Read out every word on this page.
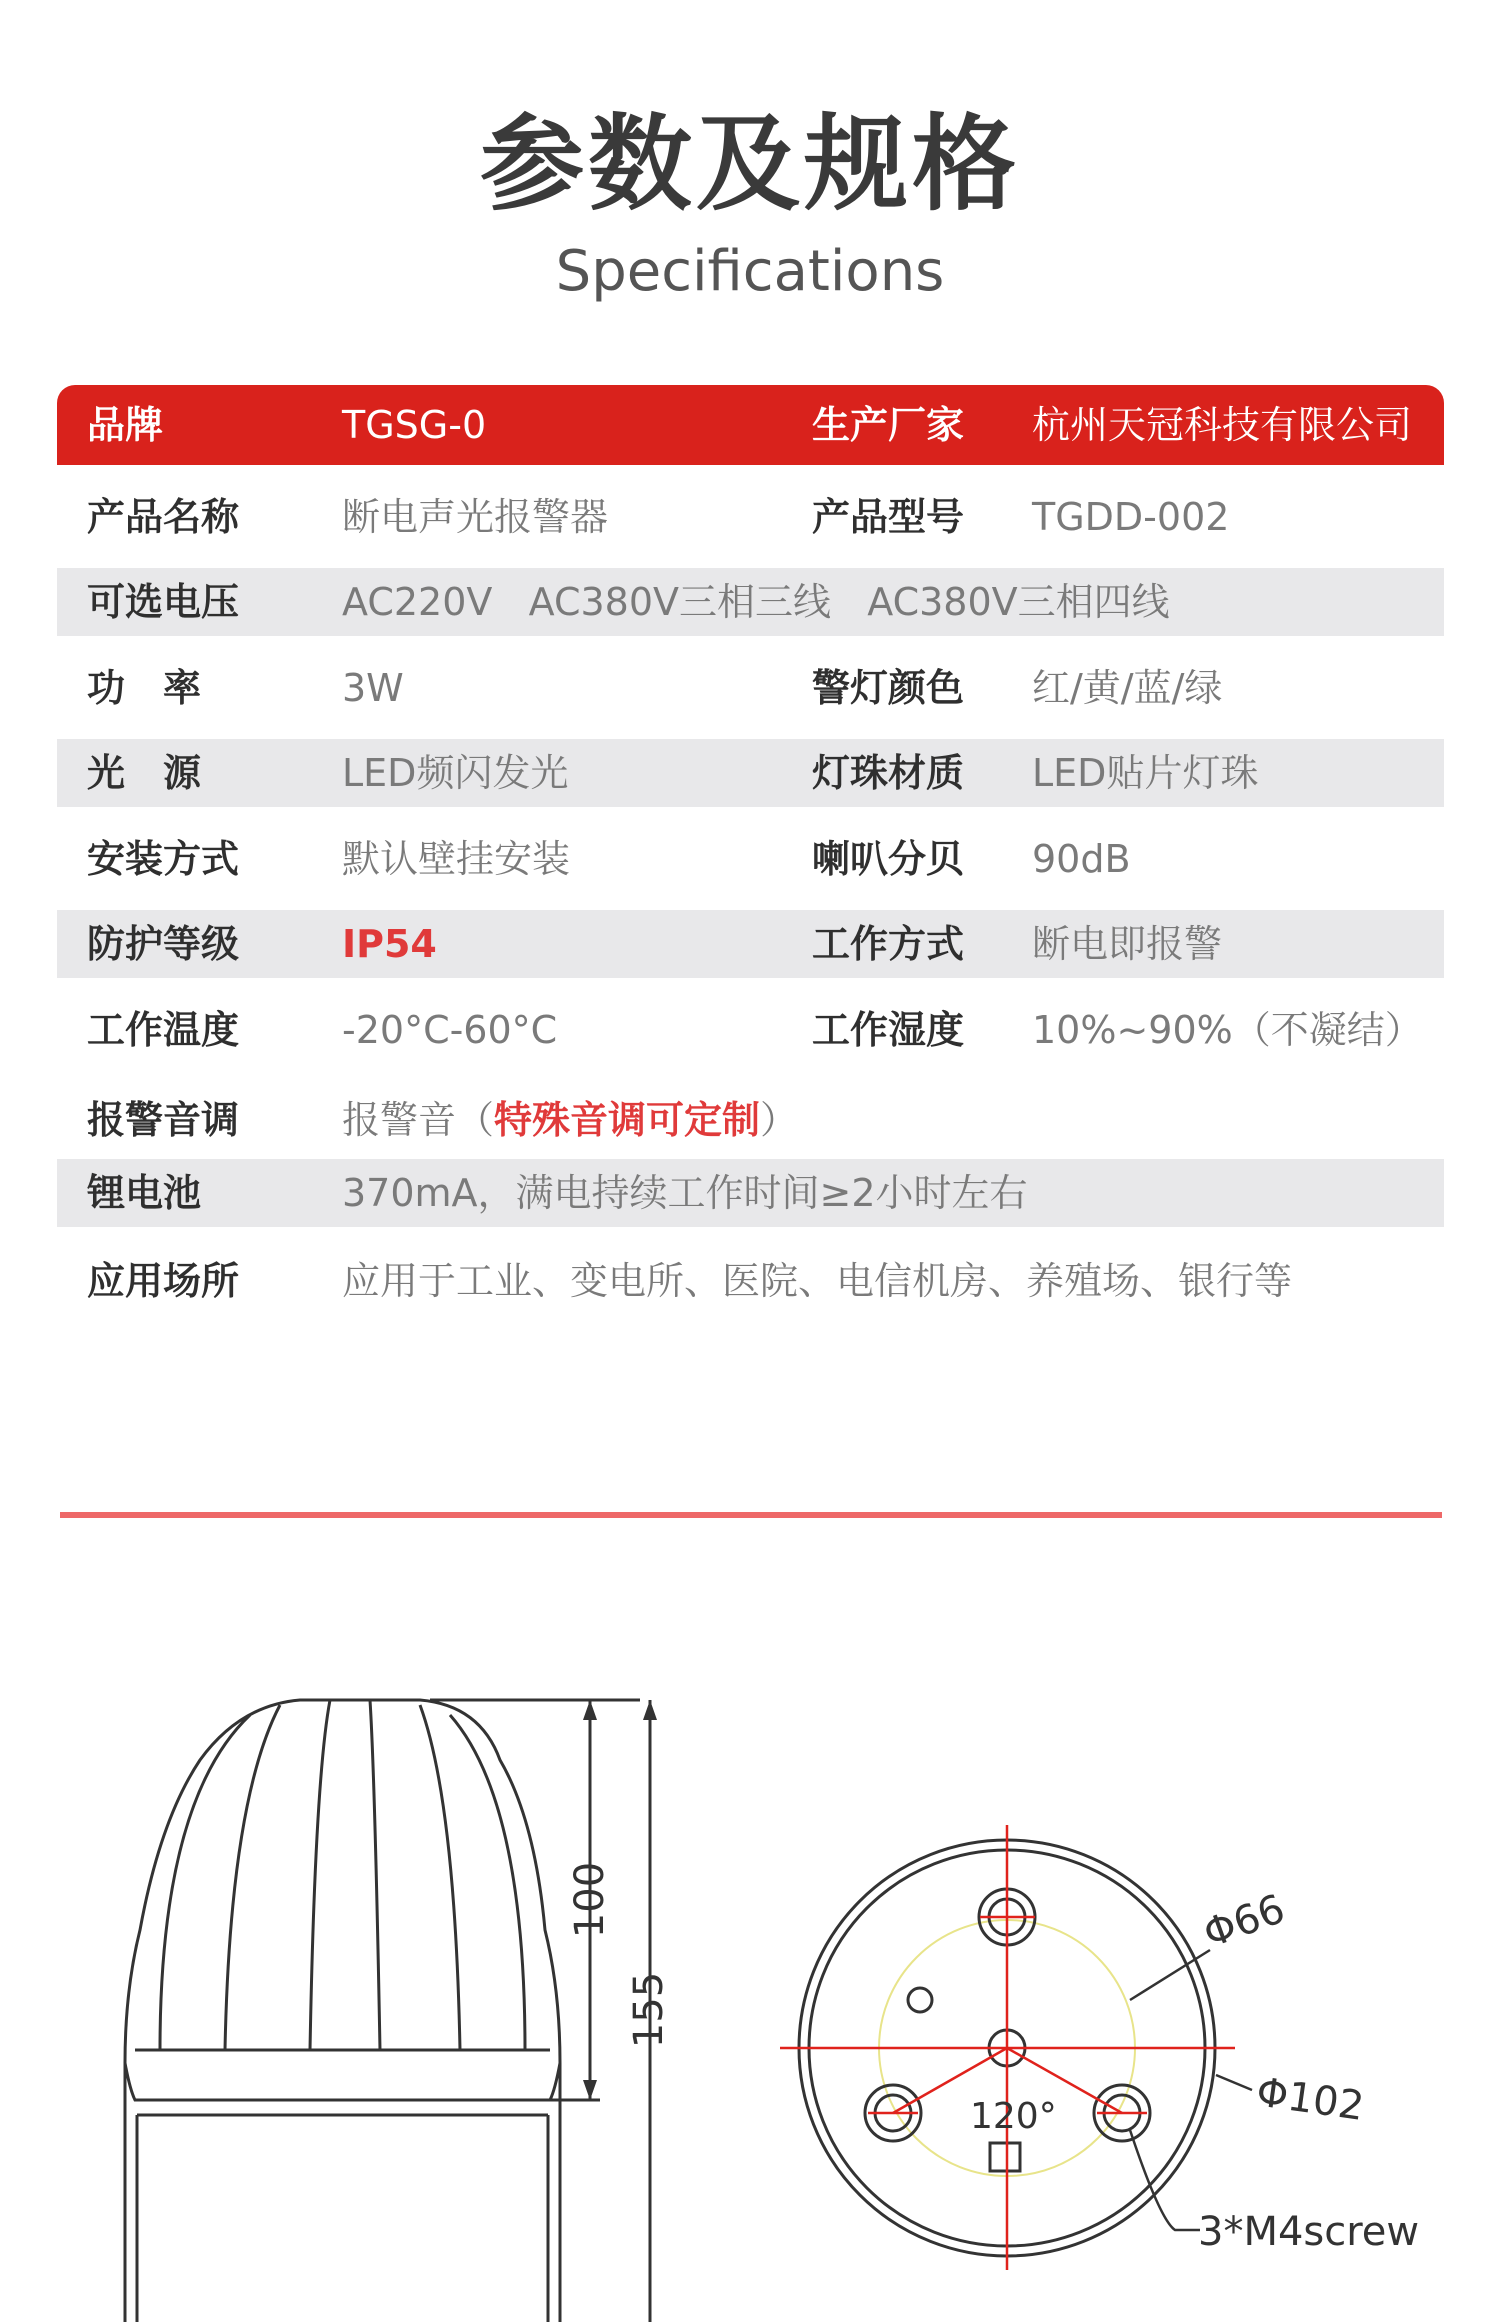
参数及规格
Specifications
品牌	TGSG-0	生产厂家 杭州天冠科技有限公司
产品名称	断电声光报警器	产品型号 TGDD-002
可选电压	AC220V   AC380V三相三线   AC380V三相四线
功　率	3W	警灯颜色 红/黄/蓝/绿
光　源	LED频闪发光	灯珠材质 LED贴片灯珠
安装方式	默认壁挂安装	喇叭分贝 90dB
防护等级	IP54	工作方式 断电即报警
工作温度	-20°C-60°C	工作湿度 10%~90%（不凝结）
报警音调	报警音（特殊音调可定制）
锂电池	370mA，满电持续工作时间≥2小时左右
应用场所	应用于工业、变电所、医院、电信机房、养殖场、银行等
100
155
Φ66
Φ102
120°
3*M4screw
